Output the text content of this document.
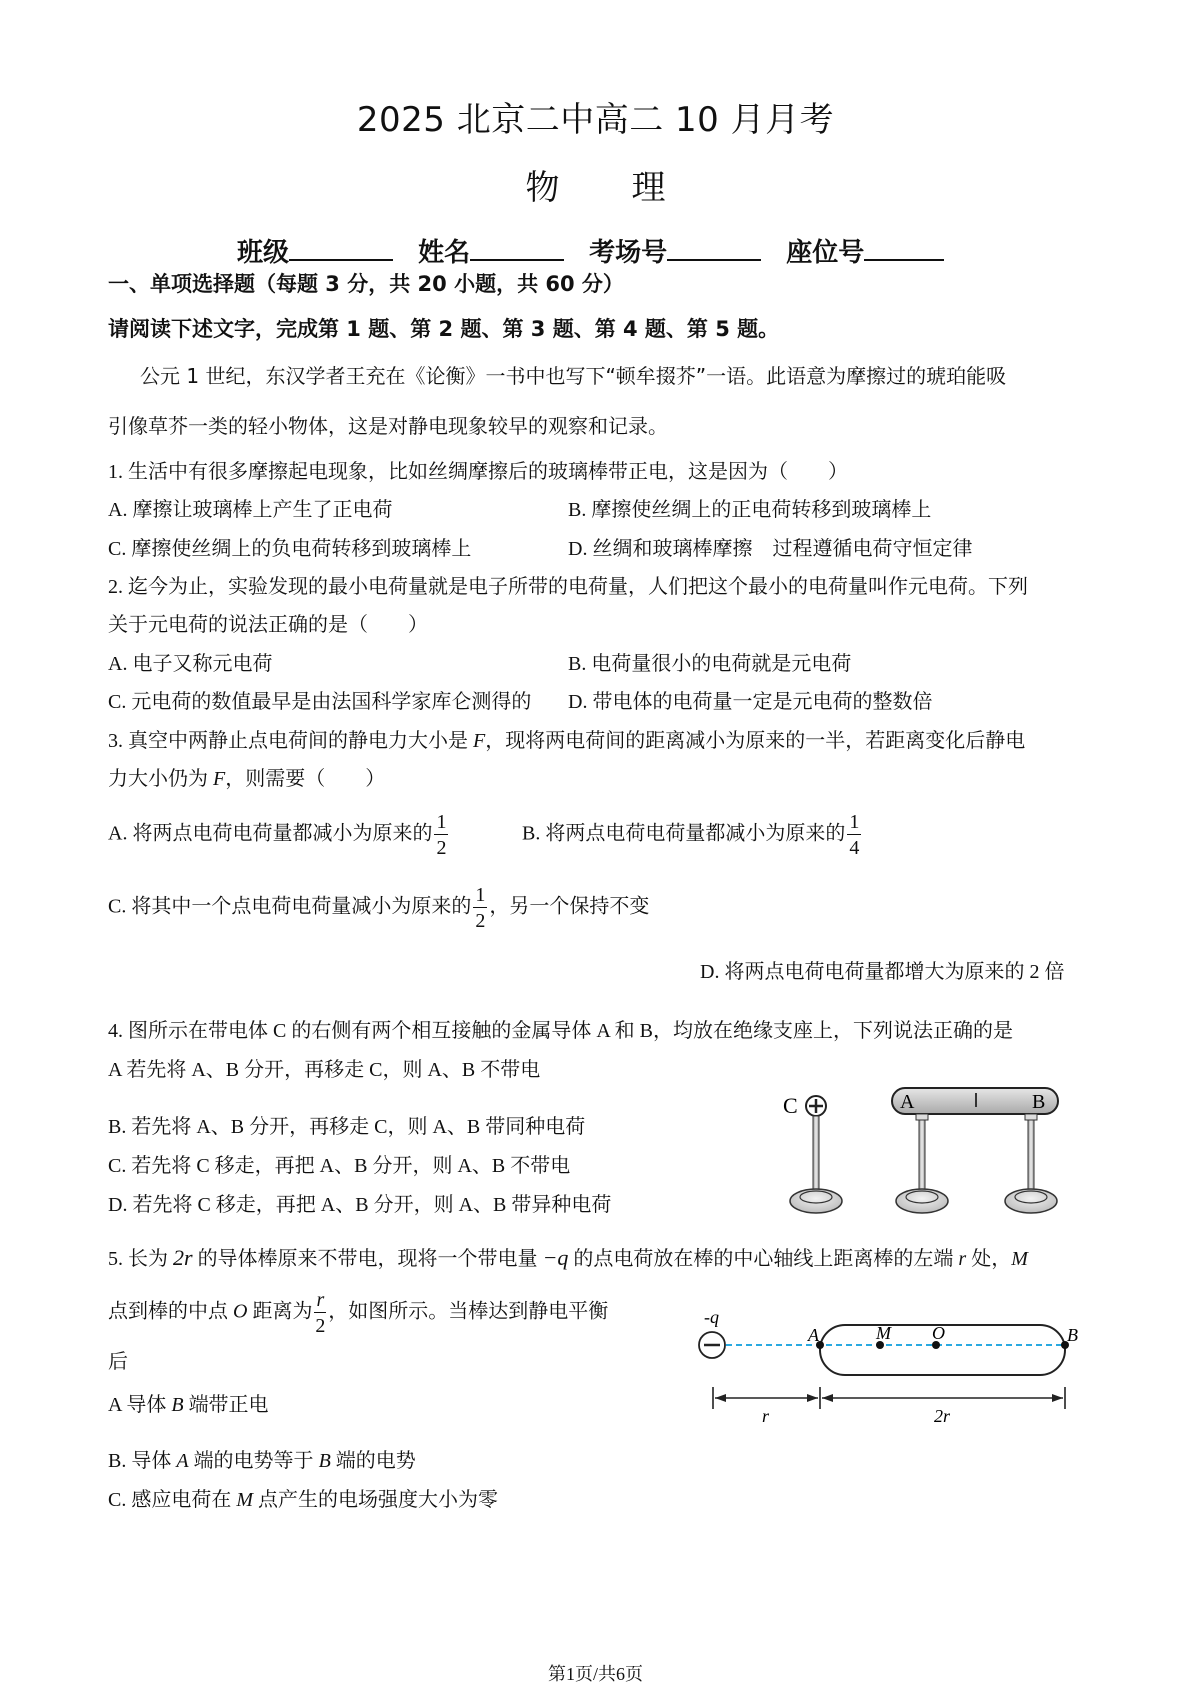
2025 北京二中高二 10 月月考
物 理
班级	姓名	考场号	座位号
一、单项选择题（每题 3 分，共 20 小题，共 60 分）
请阅读下述文字，完成第 1 题、第 2 题、第 3 题、第 4 题、第 5 题。
公元 1 世纪，东汉学者王充在《论衡》一书中也写下“顿牟掇芥”一语。此语意为摩擦过的琥珀能吸
引像草芥一类的轻小物体，这是对静电现象较早的观察和记录。
1. 生活中有很多摩擦起电现象，比如丝绸摩擦后的玻璃棒带正电，这是因为（　　）
A. 摩擦让玻璃棒上产生了正电荷	B. 摩擦使丝绸上的正电荷转移到玻璃棒上
C. 摩擦使丝绸上的负电荷转移到玻璃棒上	D. 丝绸和玻璃棒摩擦　过程遵循电荷守恒定律
2. 迄今为止，实验发现的最小电荷量就是电子所带的电荷量，人们把这个最小的电荷量叫作元电荷。下列
关于元电荷的说法正确的是（　　）
A. 电子又称元电荷	B. 电荷量很小的电荷就是元电荷
C. 元电荷的数值最早是由法国科学家库仑测得的 D. 带电体的电荷量一定是元电荷的整数倍
3. 真空中两静止点电荷间的静电力大小是 F，现将两电荷间的距离减小为原来的一半，若距离变化后静电
力大小仍为 F，则需要（　　）
A. 将两点电荷电荷量都减小为原来的 $\frac{1}{2}$	B. 将两点电荷电荷量都减小为原来的 $\frac{1}{4}$
C. 将其中一个点电荷电荷量减小为原来的 $\frac{1}{2}$ ，另一个保持不变
D. 将两点电荷电荷量都增大为原来的 2 倍
4. 图所示在带电体 C 的右侧有两个相互接触的金属导体 A 和 B，均放在绝缘支座上，下列说法正确的是
A 若先将 A、B 分开，再移走 C，则 A、B 不带电
B. 若先将 A、B 分开，再移走 C，则 A、B 带同种电荷
C. 若先将 C 移走，再把 A、B 分开，则 A、B 不带电
D. 若先将 C 移走，再把 A、B 分开，则 A、B 带异种电荷
C	A	B
5. 长为 2r 的导体棒原来不带电，现将一个带电量 −q 的点电荷放在棒的中心轴线上距离棒的左端 r 处，M
点到棒的中点 O 距离为 $\frac{r}{2}$ ，如图所示。当棒达到静电平衡
后
A 导体 B 端带正电
B. 导体 A 端的电势等于 B 端的电势
C. 感应电荷在 M 点产生的电场强度大小为零
-q
A	M O	B
r	2r
第1页/共6页
